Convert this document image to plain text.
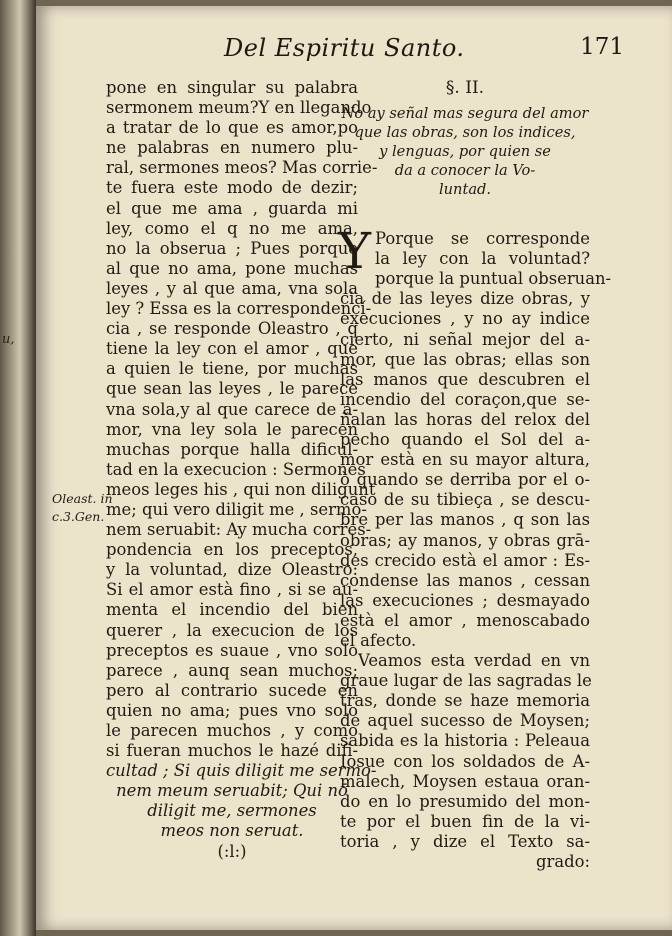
u,
Del Espiritu Santo.	171
Oleast. in
c.3.Gen.
pone en singular su palabra
sermonem meum?Y en llegando
a tratar de lo que es amor,po
ne palabras en numero plu-
ral, sermones meos? Mas corrie-
te fuera este modo de dezir;
el que me ama , guarda mi
ley, como el q no me ama,
no la obserua ; Pues porque
al que no ama, pone muchas
leyes , y al que ama, vna sola
ley ? Essa es la correspondencí-
cia , se responde Oleastro , q
tiene la ley con el amor , que
a quien le tiene, por muchas
que sean las leyes , le parece
vna sola,y al que carece de a-
mor, vna ley sola le parecen
muchas porque halla dificul-
tad en la execucion : Sermones
meos leges his , qui non diligunt
me; qui vero diligit me , sermo-
nem seruabit: Ay mucha corres-
pondencia en los preceptos,
y la voluntad, dize Oleastro:
Si el amor està fino , si se au-
menta el incendio del bien
querer , la execucion de los
preceptos es suaue , vno solo
parece , aunq sean muchos;
pero al contrario sucede en
quien no ama; pues vno solo
le parecen muchos , y como
si fueran muchos le hazé difi-
cultad ; Si quis diligit me sermo-
nem meum seruabit; Qui nō
diligit me, sermones
meos non seruat.
(:l:)
§. II.
No ay señal mas segura del amor
que las obras, son los indices,
y lenguas, por quien se
da a conocer la Vo-
luntad.
Y Porque se corresponde
la ley con la voluntad?
porque la puntual obseruan-
cia de las leyes dize obras, y
execuciones , y no ay indice
cierto, ni señal mejor del a-
mor, que las obras; ellas son
las manos que descubren el
incendio del coraçon,que se-
ñalan las horas del relox del
pecho quando el Sol del a-
mor està en su mayor altura,
ò quando se derriba por el o-
caso de su tibieça , se descu-
bre per las manos , q son las
obras; ay manos, y obras grā-
des crecido està el amor : Es-
condense las manos , cessan
las execuciones ; desmayado
està el amor , menoscabado
el afecto.
Veamos esta verdad en vn
graue lugar de las sagradas le
tras, donde se haze memoria
de aquel sucesso de Moysen;
sabida es la historia : Peleaua
Iosue con los soldados de A-
malech, Moysen estaua oran-
do en lo presumido del mon-
te por el buen fin de la vi-
toria , y dize el Texto sa-
grado:
